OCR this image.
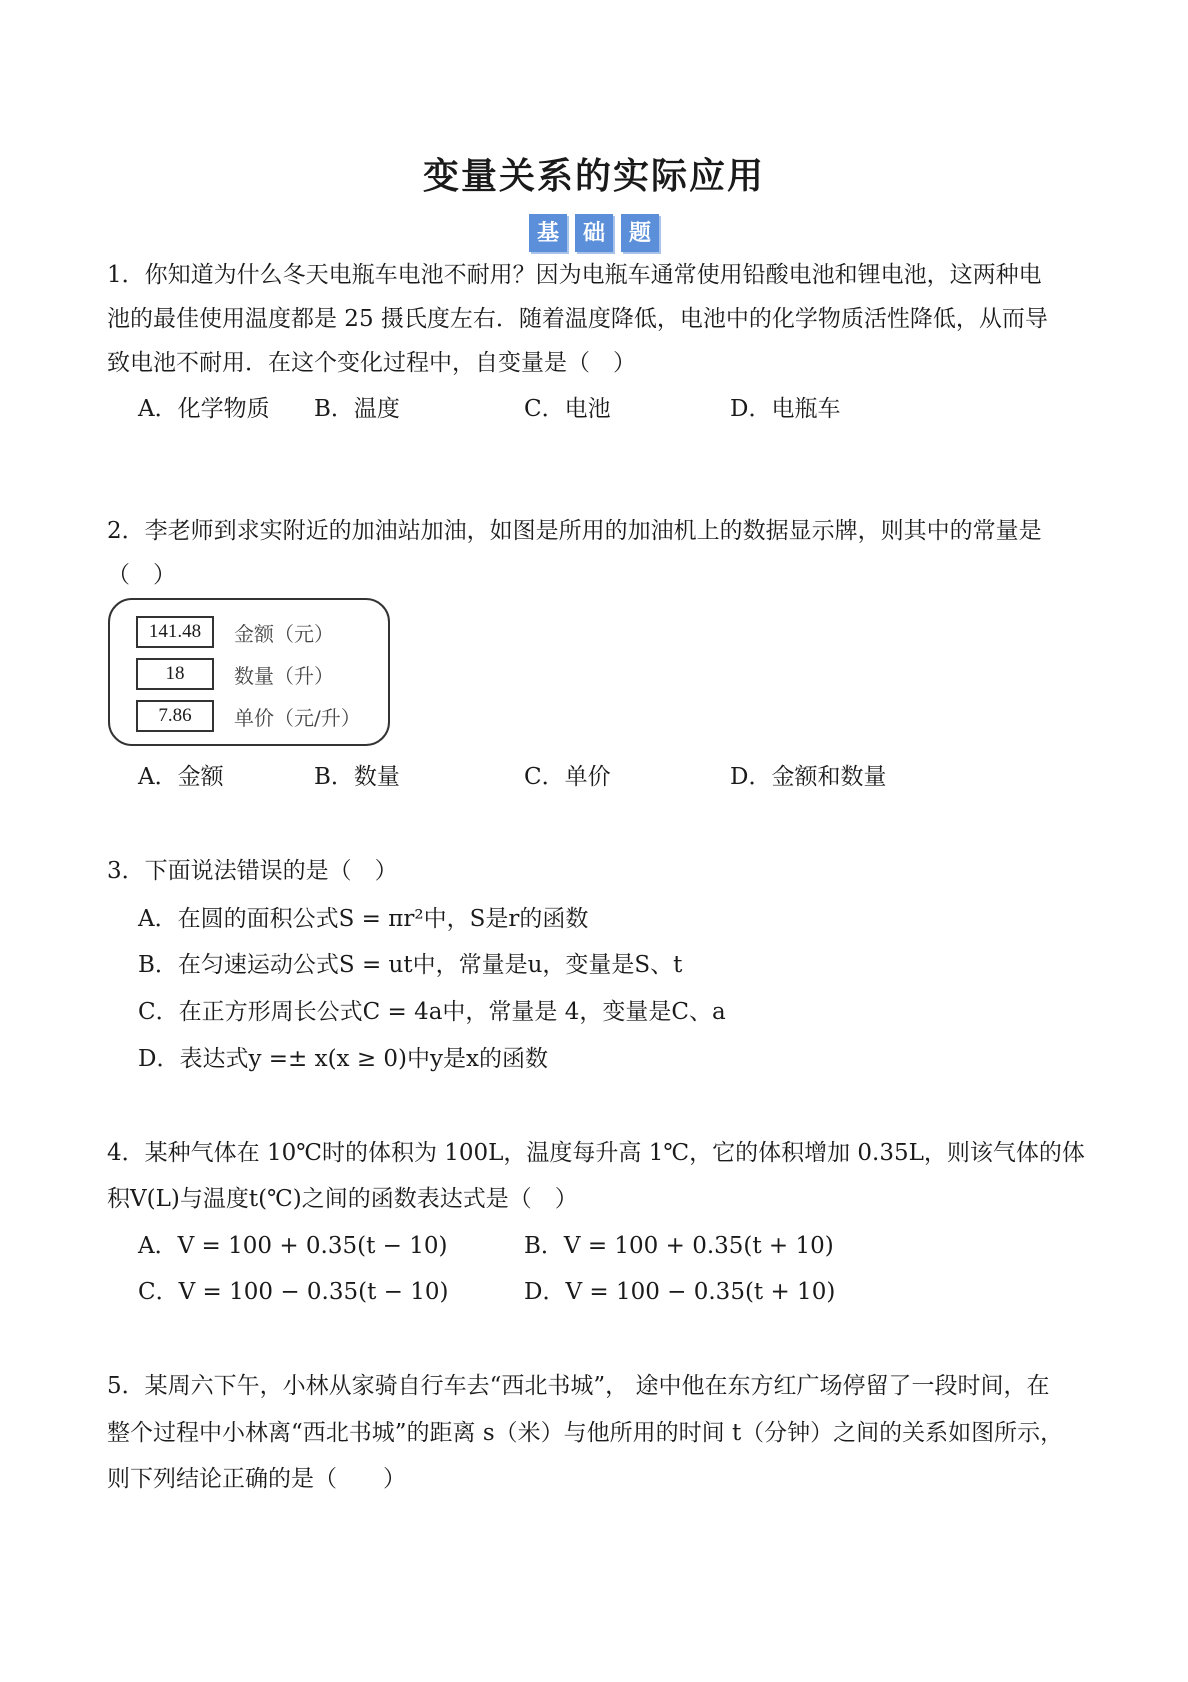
变量关系的实际应用
基	础	题
1．你知道为什么冬天电瓶车电池不耐用？因为电瓶车通常使用铅酸电池和锂电池，这两种电
池的最佳使用温度都是 25 摄氏度左右．随着温度降低，电池中的化学物质活性降低，从而导
致电池不耐用．在这个变化过程中，自变量是（　）
A．化学物质 B．温度	C．电池	D．电瓶车
2．李老师到求实附近的加油站加油，如图是所用的加油机上的数据显示牌，则其中的常量是
（　）
141.48	金额（元）
18	数量（升）
7.86	单价（元/升）
A．金额	B．数量	C．单价	D．金额和数量
3．下面说法错误的是（　）
A．在圆的面积公式S = πr²中，S是r的函数
B．在匀速运动公式S = ut中，常量是u，变量是S、t
C．在正方形周长公式C = 4a中，常量是 4，变量是C、a
D．表达式y =± x(x ≥ 0)中y是x的函数
4．某种气体在 10℃时的体积为 100L，温度每升高 1℃，它的体积增加 0.35L，则该气体的体
积V(L)与温度t(℃)之间的函数表达式是（　）
A．V = 100 + 0.35(t − 10)	B．V = 100 + 0.35(t + 10)
C．V = 100 − 0.35(t − 10)	D．V = 100 − 0.35(t + 10)
5．某周六下午，小林从家骑自行车去“西北书城”， 途中他在东方红广场停留了一段时间，在
整个过程中小林离“西北书城”的距离 s（米）与他所用的时间 t（分钟）之间的关系如图所示，
则下列结论正确的是（　　）
